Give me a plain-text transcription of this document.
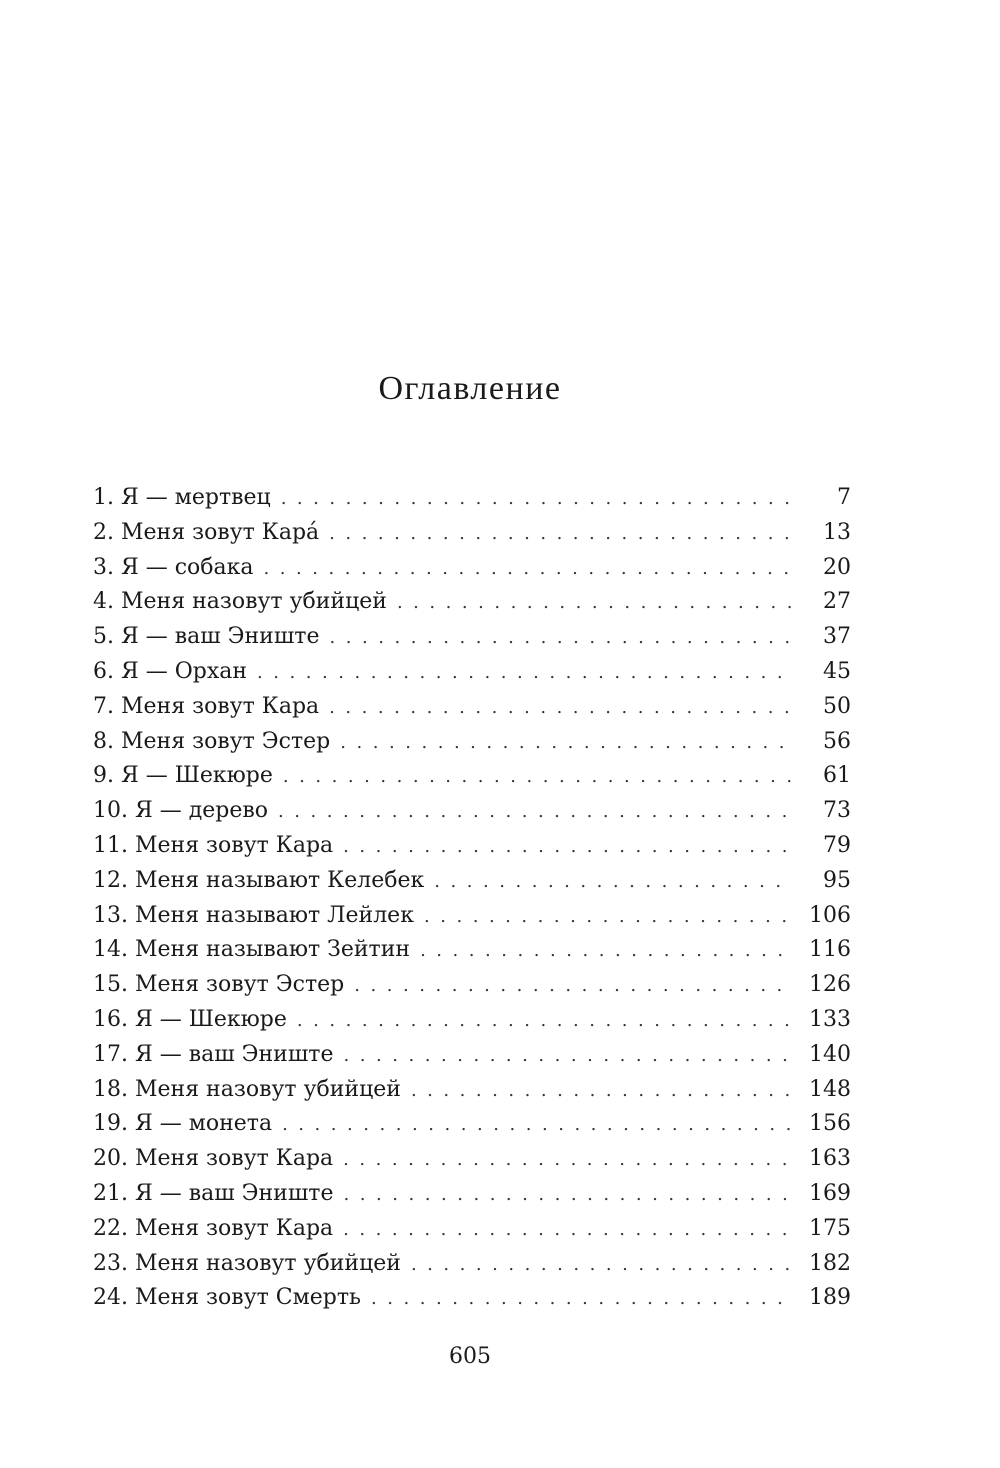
Оглавление
1. Я — мертвец . . .	7
2. Меня зовут Кара́ . . .	13
3. Я — собака . . .	20
4. Меня назовут убийцей . . .	27
5. Я — ваш Эниште . . .	37
6. Я — Орхан . . .	45
7. Меня зовут Кара . . .	50
8. Меня зовут Эстер . . .	56
9. Я — Шекюре . . .	61
10. Я — дерево . . .	73
11. Меня зовут Кара . . .	79
12. Меня называют Келебек . . .	95
13. Меня называют Лейлек . . .	106
14. Меня называют Зейтин . . .	116
15. Меня зовут Эстер . . .	126
16. Я — Шекюре . . .	133
17. Я — ваш Эниште . . .	140
18. Меня назовут убийцей . . .	148
19. Я — монета . . .	156
20. Меня зовут Кара . . .	163
21. Я — ваш Эниште . . .	169
22. Меня зовут Кара . . .	175
23. Меня назовут убийцей . . .	182
24. Меня зовут Смерть . . .	189
605
